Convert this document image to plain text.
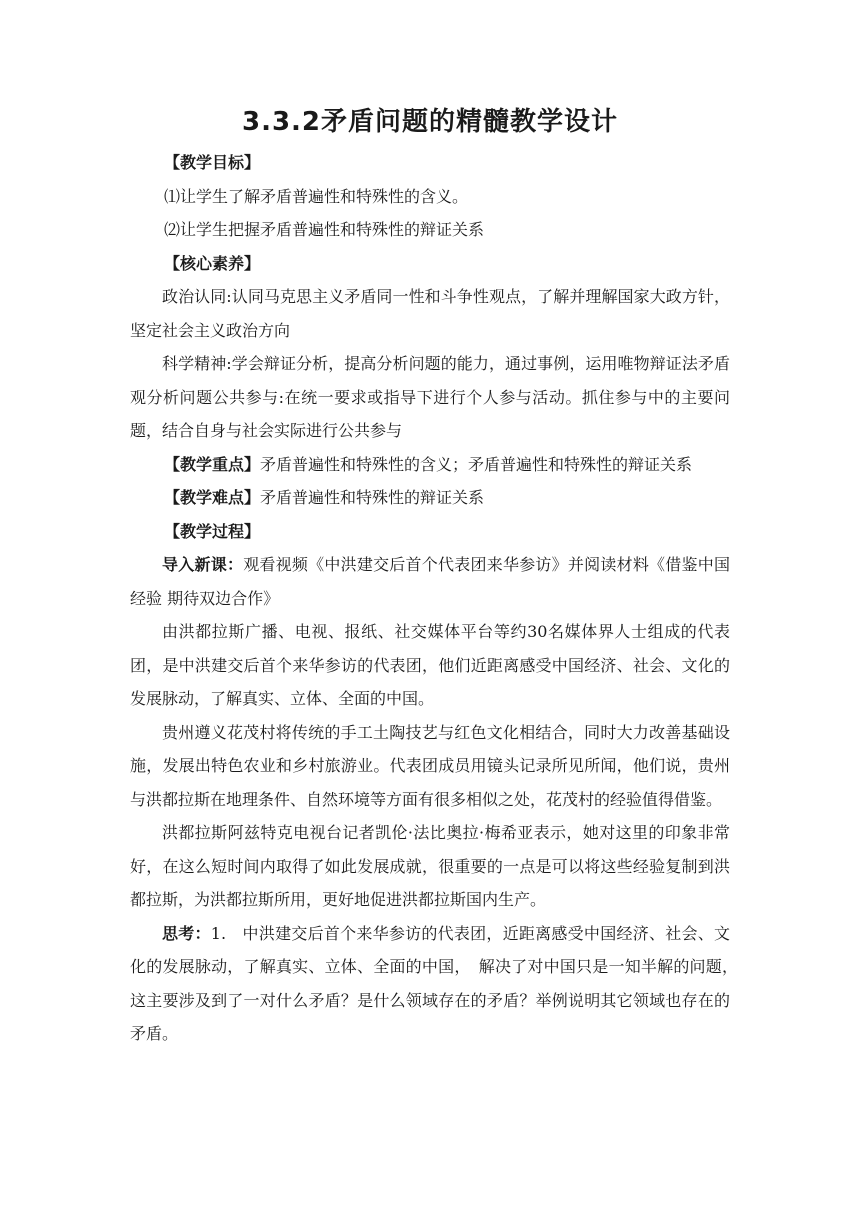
3.3.2矛盾问题的精髓教学设计

【教学目标】

⑴让学生了解矛盾普遍性和特殊性的含义。

⑵让学生把握矛盾普遍性和特殊性的辩证关系

【核心素养】

政治认同:认同马克思主义矛盾同一性和斗争性观点，了解并理解国家大政方针，坚定社会主义政治方向

科学精神:学会辩证分析，提高分析问题的能力，通过事例，运用唯物辩证法矛盾观分析问题公共参与:在统一要求或指导下进行个人参与活动。抓住参与中的主要问题，结合自身与社会实际进行公共参与

【教学重点】矛盾普遍性和特殊性的含义；矛盾普遍性和特殊性的辩证关系

【教学难点】矛盾普遍性和特殊性的辩证关系

【教学过程】

导入新课：观看视频《中洪建交后首个代表团来华参访》并阅读材料《借鉴中国经验 期待双边合作》

由洪都拉斯广播、电视、报纸、社交媒体平台等约30名媒体界人士组成的代表团，是中洪建交后首个来华参访的代表团，他们近距离感受中国经济、社会、文化的发展脉动，了解真实、立体、全面的中国。

贵州遵义花茂村将传统的手工土陶技艺与红色文化相结合，同时大力改善基础设施，发展出特色农业和乡村旅游业。代表团成员用镜头记录所见所闻，他们说，贵州与洪都拉斯在地理条件、自然环境等方面有很多相似之处，花茂村的经验值得借鉴。

洪都拉斯阿兹特克电视台记者凯伦·法比奥拉·梅希亚表示，她对这里的印象非常好，在这么短时间内取得了如此发展成就，很重要的一点是可以将这些经验复制到洪都拉斯，为洪都拉斯所用，更好地促进洪都拉斯国内生产。

思考：1.　中洪建交后首个来华参访的代表团，近距离感受中国经济、社会、文化的发展脉动，了解真实、立体、全面的中国，　解决了对中国只是一知半解的问题，　这主要涉及到了一对什么矛盾？是什么领域存在的矛盾？举例说明其它领域也存在的矛盾。
